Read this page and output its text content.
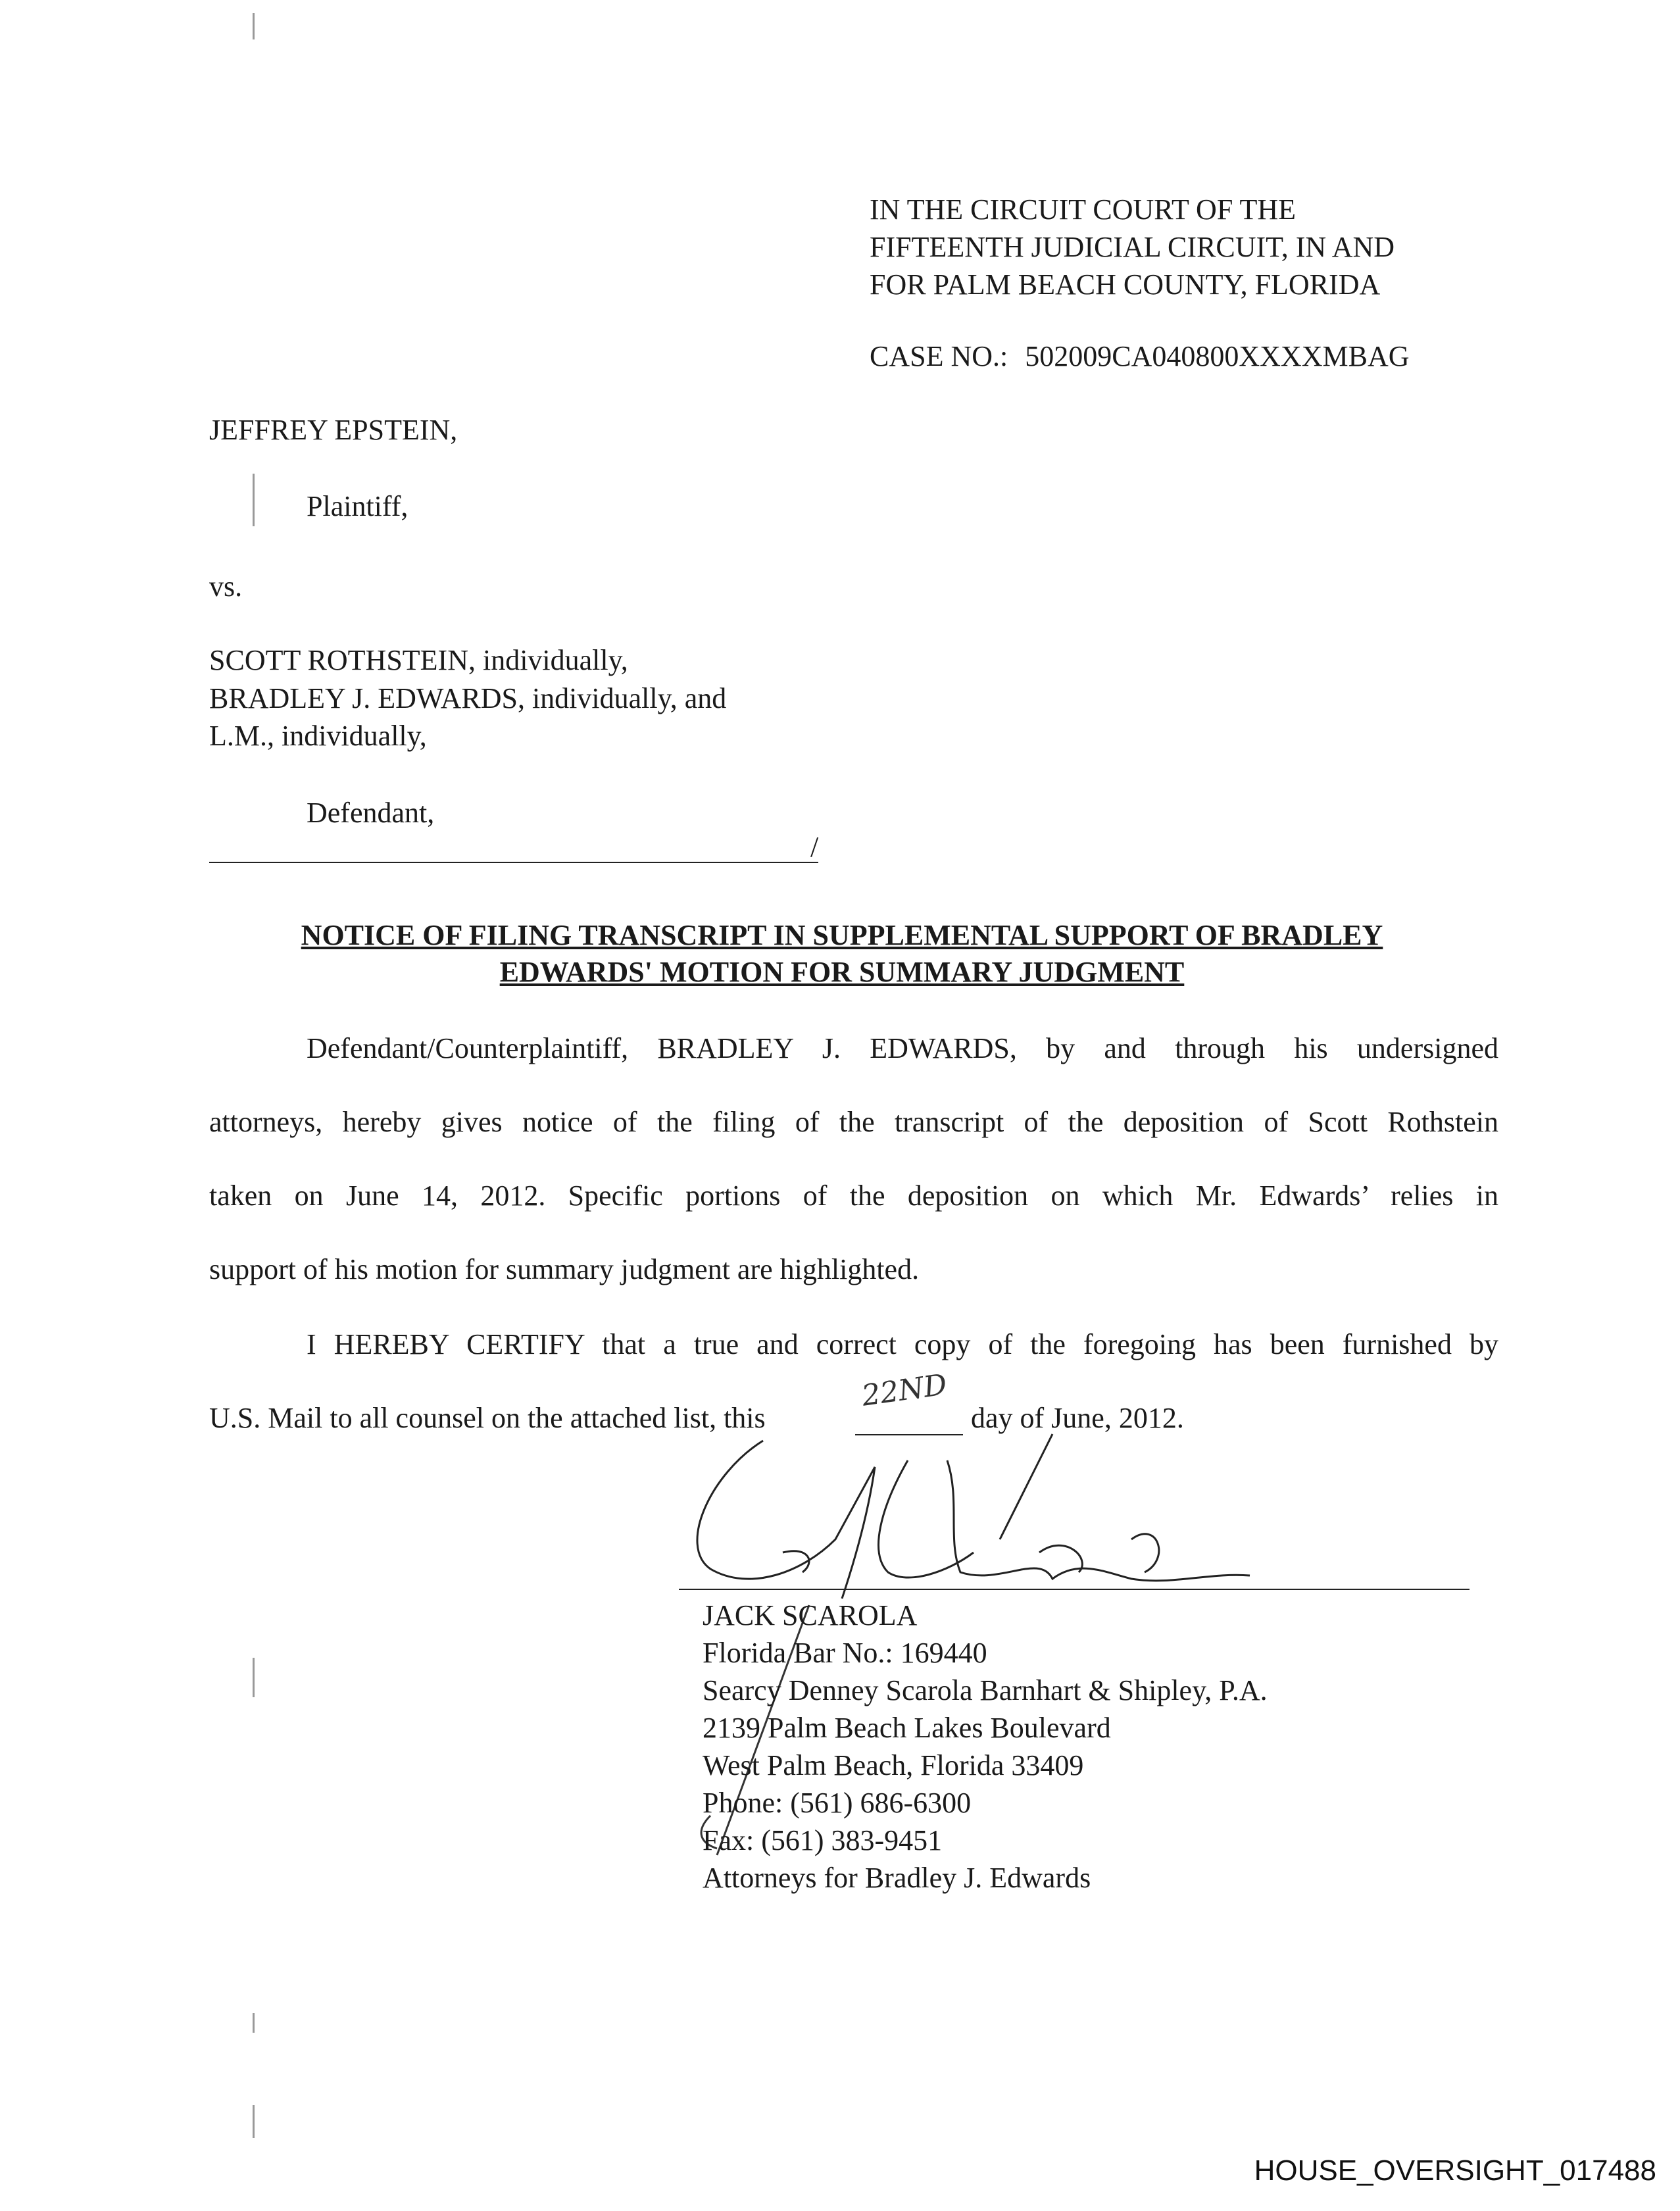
IN THE CIRCUIT COURT OF THE
FIFTEENTH JUDICIAL CIRCUIT, IN AND
FOR PALM BEACH COUNTY, FLORIDA
CASE NO.: 502009CA040800XXXXMBAG
JEFFREY EPSTEIN,
Plaintiff,
vs.
SCOTT ROTHSTEIN, individually,
BRADLEY J. EDWARDS, individually, and
L.M., individually,
Defendant,
/
NOTICE OF FILING TRANSCRIPT IN SUPPLEMENTAL SUPPORT OF BRADLEY
EDWARDS' MOTION FOR SUMMARY JUDGMENT
Defendant/Counterplaintiff, BRADLEY J. EDWARDS, by and through his undersigned
attorneys, hereby gives notice of the filing of the transcript of the deposition of Scott Rothstein
taken on June 14, 2012. Specific portions of the deposition on which Mr. Edwards’ relies in
support of his motion for summary judgment are highlighted.
I HEREBY CERTIFY that a true and correct copy of the foregoing has been furnished by
U.S. Mail to all counsel on the attached list, this
22ND
day of June, 2012.
JACK SCAROLA
Florida Bar No.: 169440
Searcy Denney Scarola Barnhart & Shipley, P.A.
2139 Palm Beach Lakes Boulevard
West Palm Beach, Florida 33409
Phone: (561) 686-6300
Fax: (561) 383-9451
Attorneys for Bradley J. Edwards
HOUSE_OVERSIGHT_017488
